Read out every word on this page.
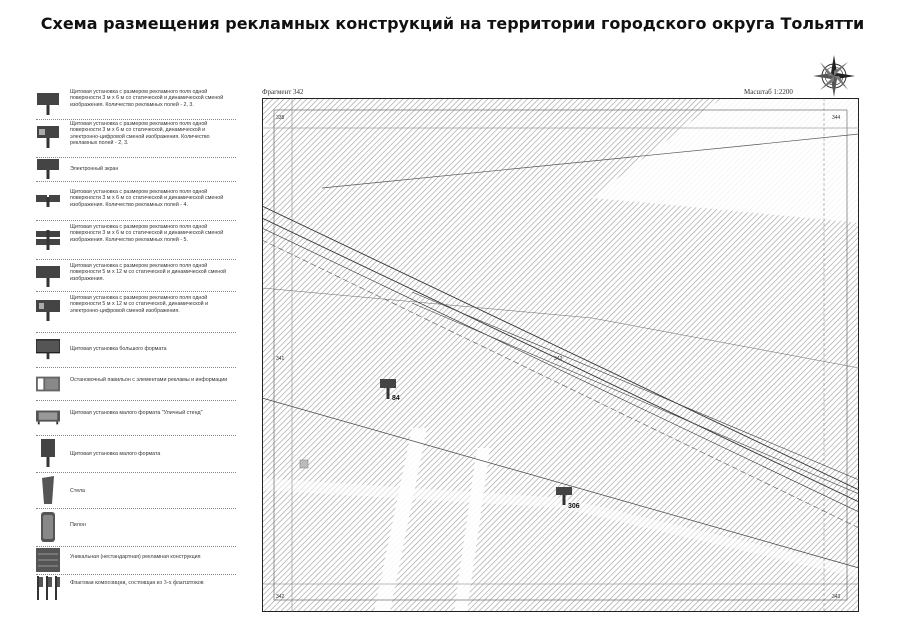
Схема размещения рекламных конструкций на территории городского округа Тольятти
Щитовая установка с размером рекламного поля одной поверхности 3 м х 6 м со статической и динамической сменой изображения. Количество рекламных полей - 2, 3.
Щитовая установка с размером рекламного поля одной поверхности 3 м х 6 м со статической, динамической и электронно-цифровой сменой изображения. Количество рекламных полей - 2, 3.
Электронный экран
Щитовая установка с размером рекламного поля одной поверхности 3 м х 6 м со статической и динамической сменой изображения. Количество рекламных полей - 4.
Щитовая установка с размером рекламного поля одной поверхности 3 м х 6 м со статической и динамической сменой изображения. Количество рекламных полей - 5.
Щитовая установка с размером рекламного поля одной поверхности 5 м х 12 м со статической и динамической сменой изображения.
Щитовая установка с размером рекламного поля одной поверхности 5 м х 12 м со статической, динамической и электронно-цифровой сменой изображения.
Щитовая установка большого формата
Остановочный павильон с элементами рекламы и информации
Щитовая установка малого формата "Уличный стенд"
Щитовая установка малого формата
Стела
Пилон
Уникальная (нестандартная) рекламная конструкция
Флаговая композиция, состоящая из 3-х флагштоков
Фрагмент 342	Масштаб 1:2200
338	344
341
342	343
342
84
306
